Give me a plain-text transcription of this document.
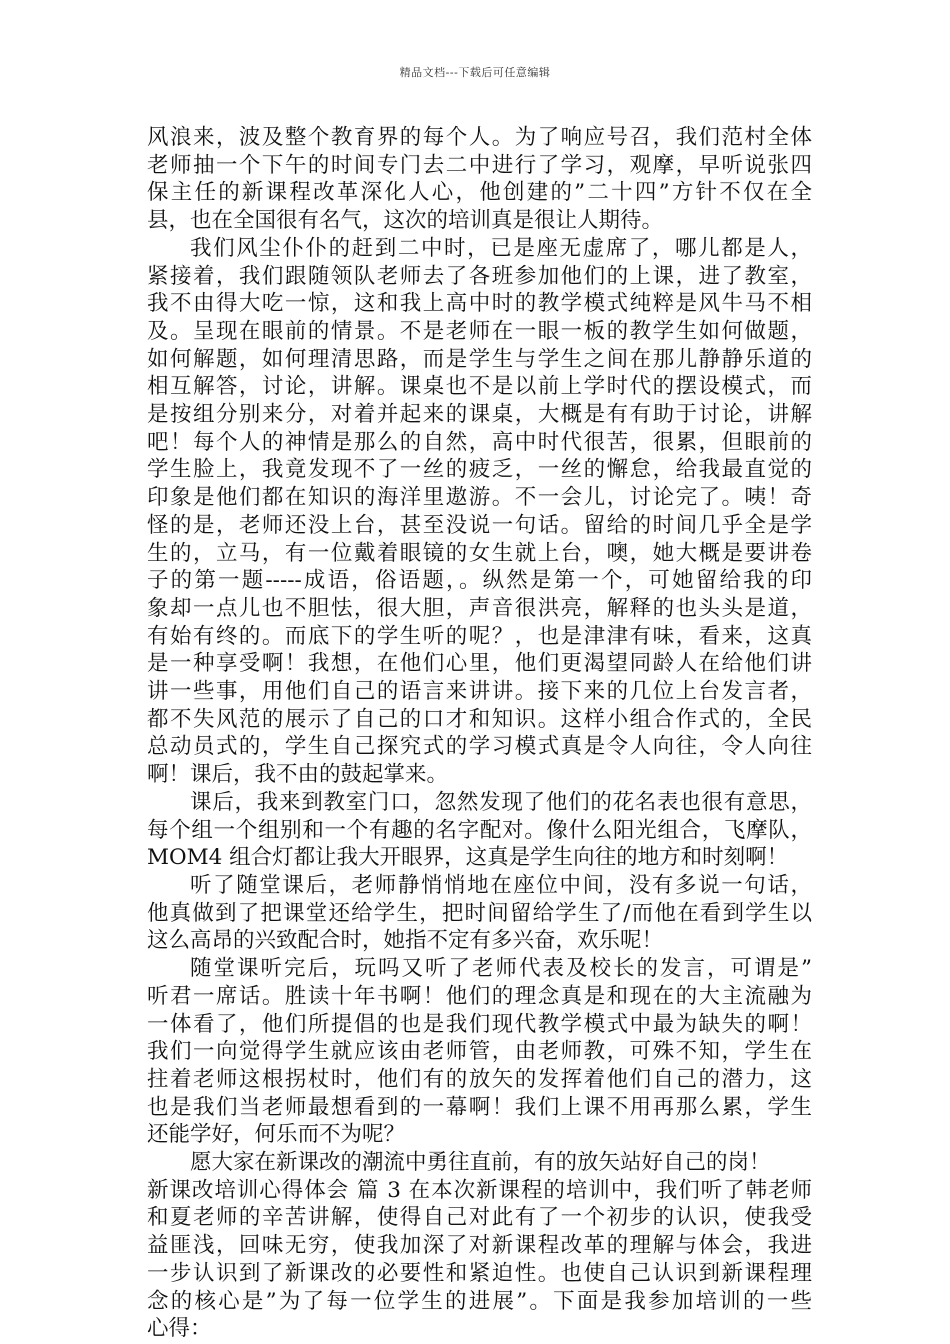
精品文档---下载后可任意编辑
风浪来，波及整个教育界的每个人。为了响应号召，我们范村全体
老师抽一个下午的时间专门去二中进行了学习，观摩，早听说张四
保主任的新课程改革深化人心，他创建的”二十四”方针不仅在全
县，也在全国很有名气，这次的培训真是很让人期待。
我们风尘仆仆的赶到二中时，已是座无虚席了，哪儿都是人，
紧接着，我们跟随领队老师去了各班参加他们的上课，进了教室，
我不由得大吃一惊，这和我上高中时的教学模式纯粹是风牛马不相
及。呈现在眼前的情景。不是老师在一眼一板的教学生如何做题，
如何解题，如何理清思路，而是学生与学生之间在那儿静静乐道的
相互解答，讨论，讲解。课桌也不是以前上学时代的摆设模式，而
是按组分别来分，对着并起来的课桌，大概是有有助于讨论，讲解
吧！每个人的神情是那么的自然，高中时代很苦，很累，但眼前的
学生脸上，我竟发现不了一丝的疲乏，一丝的懈怠，给我最直觉的
印象是他们都在知识的海洋里遨游。不一会儿，讨论完了。咦！奇
怪的是，老师还没上台，甚至没说一句话。留给的时间几乎全是学
生的，立马，有一位戴着眼镜的女生就上台，噢，她大概是要讲卷
子的第一题-----成语，俗语题，。纵然是第一个，可她留给我的印
象却一点儿也不胆怯，很大胆，声音很洪亮，解释的也头头是道，
有始有终的。而底下的学生听的呢？，也是津津有味，看来，这真
是一种享受啊！我想，在他们心里，他们更渴望同龄人在给他们讲
讲一些事，用他们自己的语言来讲讲。接下来的几位上台发言者，
都不失风范的展示了自己的口才和知识。这样小组合作式的，全民
总动员式的，学生自己探究式的学习模式真是令人向往，令人向往
啊！课后，我不由的鼓起掌来。
课后，我来到教室门口，忽然发现了他们的花名表也很有意思，
每个组一个组别和一个有趣的名字配对。像什么阳光组合，飞摩队，
MOM4 组合灯都让我大开眼界，这真是学生向往的地方和时刻啊！
听了随堂课后，老师静悄悄地在座位中间，没有多说一句话，
他真做到了把课堂还给学生，把时间留给学生了/而他在看到学生以
这么高昂的兴致配合时，她指不定有多兴奋，欢乐呢！
随堂课听完后，玩吗又听了老师代表及校长的发言，可谓是”
听君一席话。胜读十年书啊！他们的理念真是和现在的大主流融为
一体看了，他们所提倡的也是我们现代教学模式中最为缺失的啊！
我们一向觉得学生就应该由老师管，由老师教，可殊不知，学生在
拄着老师这根拐杖时，他们有的放矢的发挥着他们自己的潜力，这
也是我们当老师最想看到的一幕啊！我们上课不用再那么累，学生
还能学好，何乐而不为呢？
愿大家在新课改的潮流中勇往直前，有的放矢站好自己的岗！
新课改培训心得体会 篇 3 在本次新课程的培训中，我们听了韩老师
和夏老师的辛苦讲解，使得自己对此有了一个初步的认识，使我受
益匪浅，回味无穷，使我加深了对新课程改革的理解与体会，我进
一步认识到了新课改的必要性和紧迫性。也使自己认识到新课程理
念的核心是”为了每一位学生的进展”。下面是我参加培训的一些
心得：
